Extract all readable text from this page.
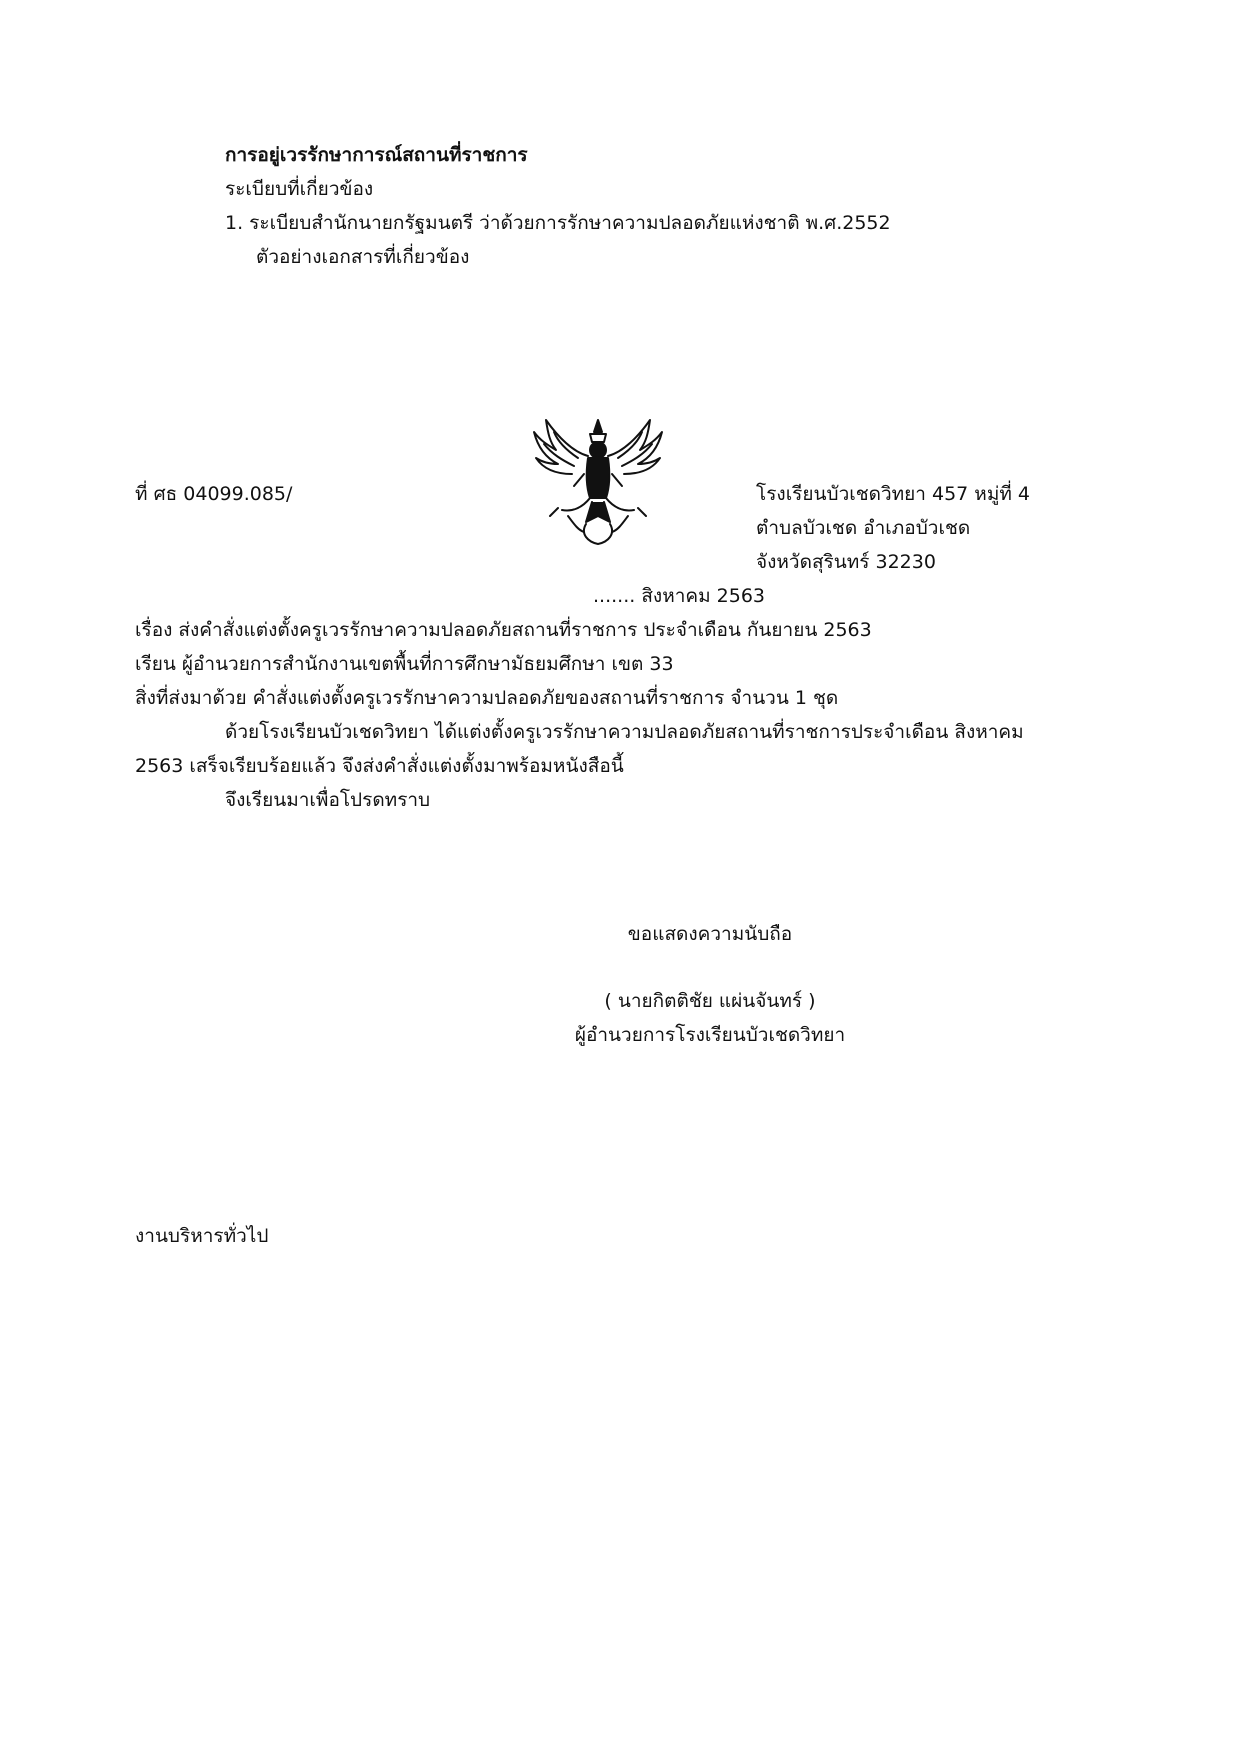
การอยู่เวรรักษาการณ์สถานที่ราชการ
ระเบียบที่เกี่ยวข้อง
1. ระเบียบสำนักนายกรัฐมนตรี ว่าด้วยการรักษาความปลอดภัยแห่งชาติ พ.ศ.2552
ตัวอย่างเอกสารที่เกี่ยวข้อง
ที่ ศธ 04099.085/	โรงเรียนบัวเชดวิทยา 457 หมู่ที่ 4
ตำบลบัวเชด อำเภอบัวเชด
จังหวัดสุรินทร์ 32230
....... สิงหาคม 2563
เรื่อง ส่งคำสั่งแต่งตั้งครูเวรรักษาความปลอดภัยสถานที่ราชการ ประจำเดือน กันยายน 2563
เรียน ผู้อำนวยการสำนักงานเขตพื้นที่การศึกษามัธยมศึกษา เขต 33
สิ่งที่ส่งมาด้วย คำสั่งแต่งตั้งครูเวรรักษาความปลอดภัยของสถานที่ราชการ จำนวน 1 ชุด
ด้วยโรงเรียนบัวเชดวิทยา ได้แต่งตั้งครูเวรรักษาความปลอดภัยสถานที่ราชการประจำเดือน สิงหาคม
2563 เสร็จเรียบร้อยแล้ว จึงส่งคำสั่งแต่งตั้งมาพร้อมหนังสือนี้
จึงเรียนมาเพื่อโปรดทราบ
ขอแสดงความนับถือ
( นายกิตติชัย แผ่นจันทร์ )
ผู้อำนวยการโรงเรียนบัวเชดวิทยา
งานบริหารทั่วไป
